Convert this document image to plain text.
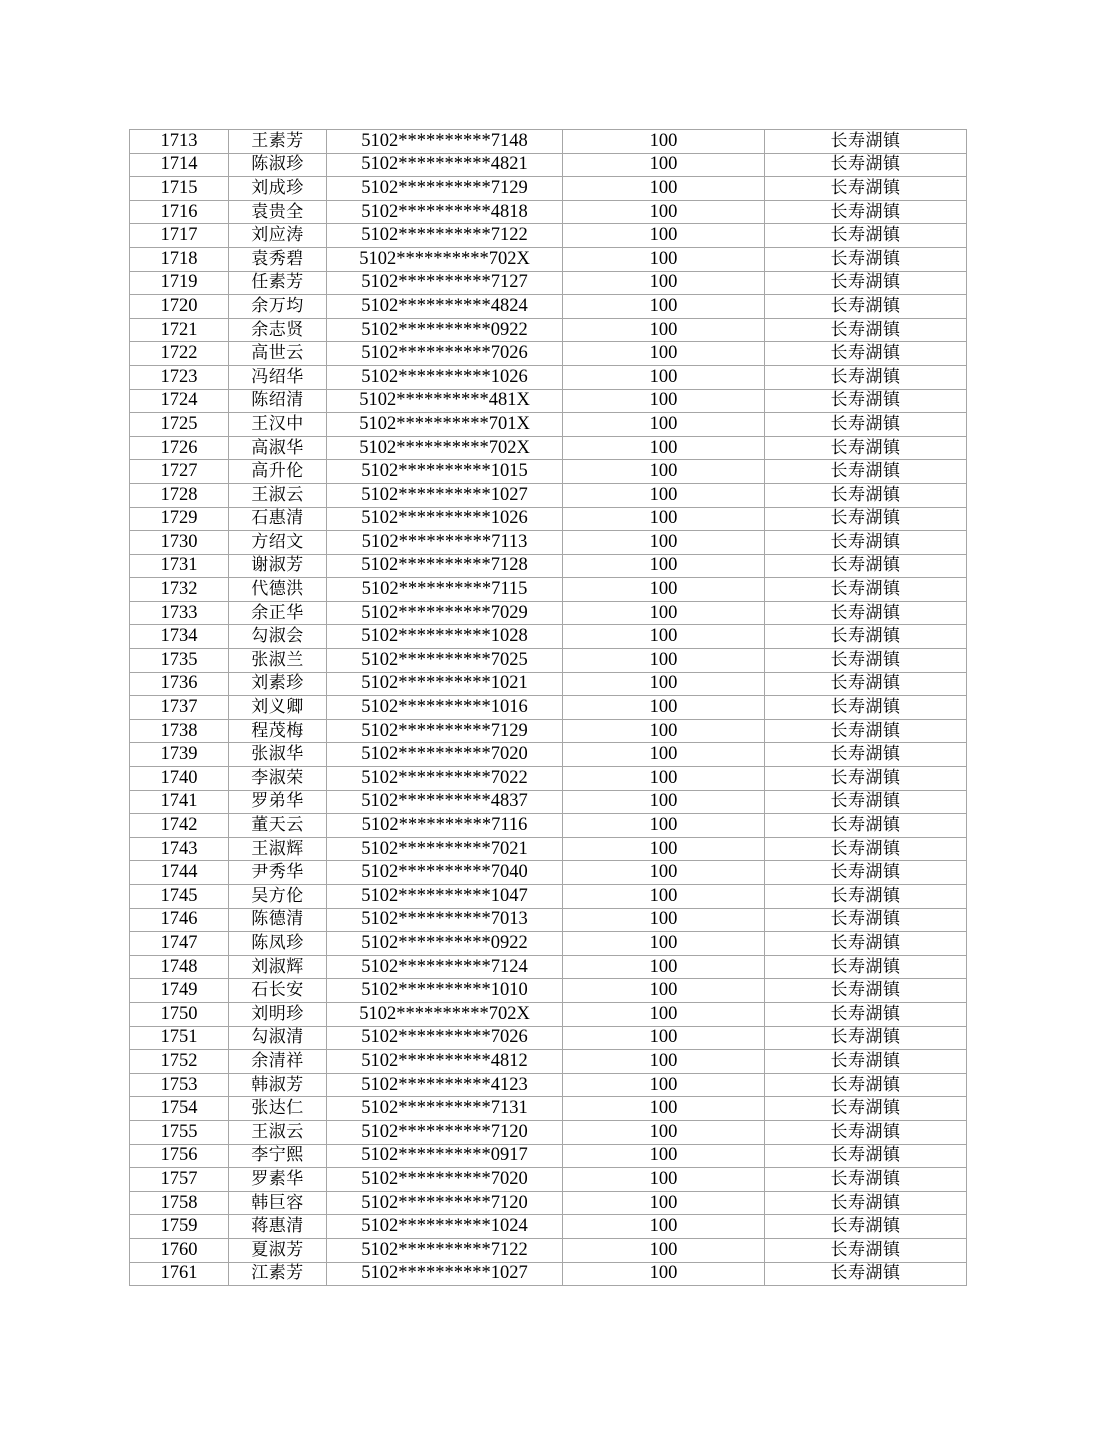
1713	王素芳	5102**********7148	100	长寿湖镇
1714	陈淑珍	5102**********4821	100	长寿湖镇
1715	刘成珍	5102**********7129	100	长寿湖镇
1716	袁贵全	5102**********4818	100	长寿湖镇
1717	刘应涛	5102**********7122	100	长寿湖镇
1718	袁秀碧	5102**********702X	100	长寿湖镇
1719	任素芳	5102**********7127	100	长寿湖镇
1720	余万均	5102**********4824	100	长寿湖镇
1721	余志贤	5102**********0922	100	长寿湖镇
1722	高世云	5102**********7026	100	长寿湖镇
1723	冯绍华	5102**********1026	100	长寿湖镇
1724	陈绍清	5102**********481X	100	长寿湖镇
1725	王汉中	5102**********701X	100	长寿湖镇
1726	高淑华	5102**********702X	100	长寿湖镇
1727	高升伦	5102**********1015	100	长寿湖镇
1728	王淑云	5102**********1027	100	长寿湖镇
1729	石惠清	5102**********1026	100	长寿湖镇
1730	方绍文	5102**********7113	100	长寿湖镇
1731	谢淑芳	5102**********7128	100	长寿湖镇
1732	代德洪	5102**********7115	100	长寿湖镇
1733	余正华	5102**********7029	100	长寿湖镇
1734	勾淑会	5102**********1028	100	长寿湖镇
1735	张淑兰	5102**********7025	100	长寿湖镇
1736	刘素珍	5102**********1021	100	长寿湖镇
1737	刘义卿	5102**********1016	100	长寿湖镇
1738	程茂梅	5102**********7129	100	长寿湖镇
1739	张淑华	5102**********7020	100	长寿湖镇
1740	李淑荣	5102**********7022	100	长寿湖镇
1741	罗弟华	5102**********4837	100	长寿湖镇
1742	董天云	5102**********7116	100	长寿湖镇
1743	王淑辉	5102**********7021	100	长寿湖镇
1744	尹秀华	5102**********7040	100	长寿湖镇
1745	吴方伦	5102**********1047	100	长寿湖镇
1746	陈德清	5102**********7013	100	长寿湖镇
1747	陈凤珍	5102**********0922	100	长寿湖镇
1748	刘淑辉	5102**********7124	100	长寿湖镇
1749	石长安	5102**********1010	100	长寿湖镇
1750	刘明珍	5102**********702X	100	长寿湖镇
1751	勾淑清	5102**********7026	100	长寿湖镇
1752	余清祥	5102**********4812	100	长寿湖镇
1753	韩淑芳	5102**********4123	100	长寿湖镇
1754	张达仁	5102**********7131	100	长寿湖镇
1755	王淑云	5102**********7120	100	长寿湖镇
1756	李宁熙	5102**********0917	100	长寿湖镇
1757	罗素华	5102**********7020	100	长寿湖镇
1758	韩巨容	5102**********7120	100	长寿湖镇
1759	蒋惠清	5102**********1024	100	长寿湖镇
1760	夏淑芳	5102**********7122	100	长寿湖镇
1761	江素芳	5102**********1027	100	长寿湖镇
